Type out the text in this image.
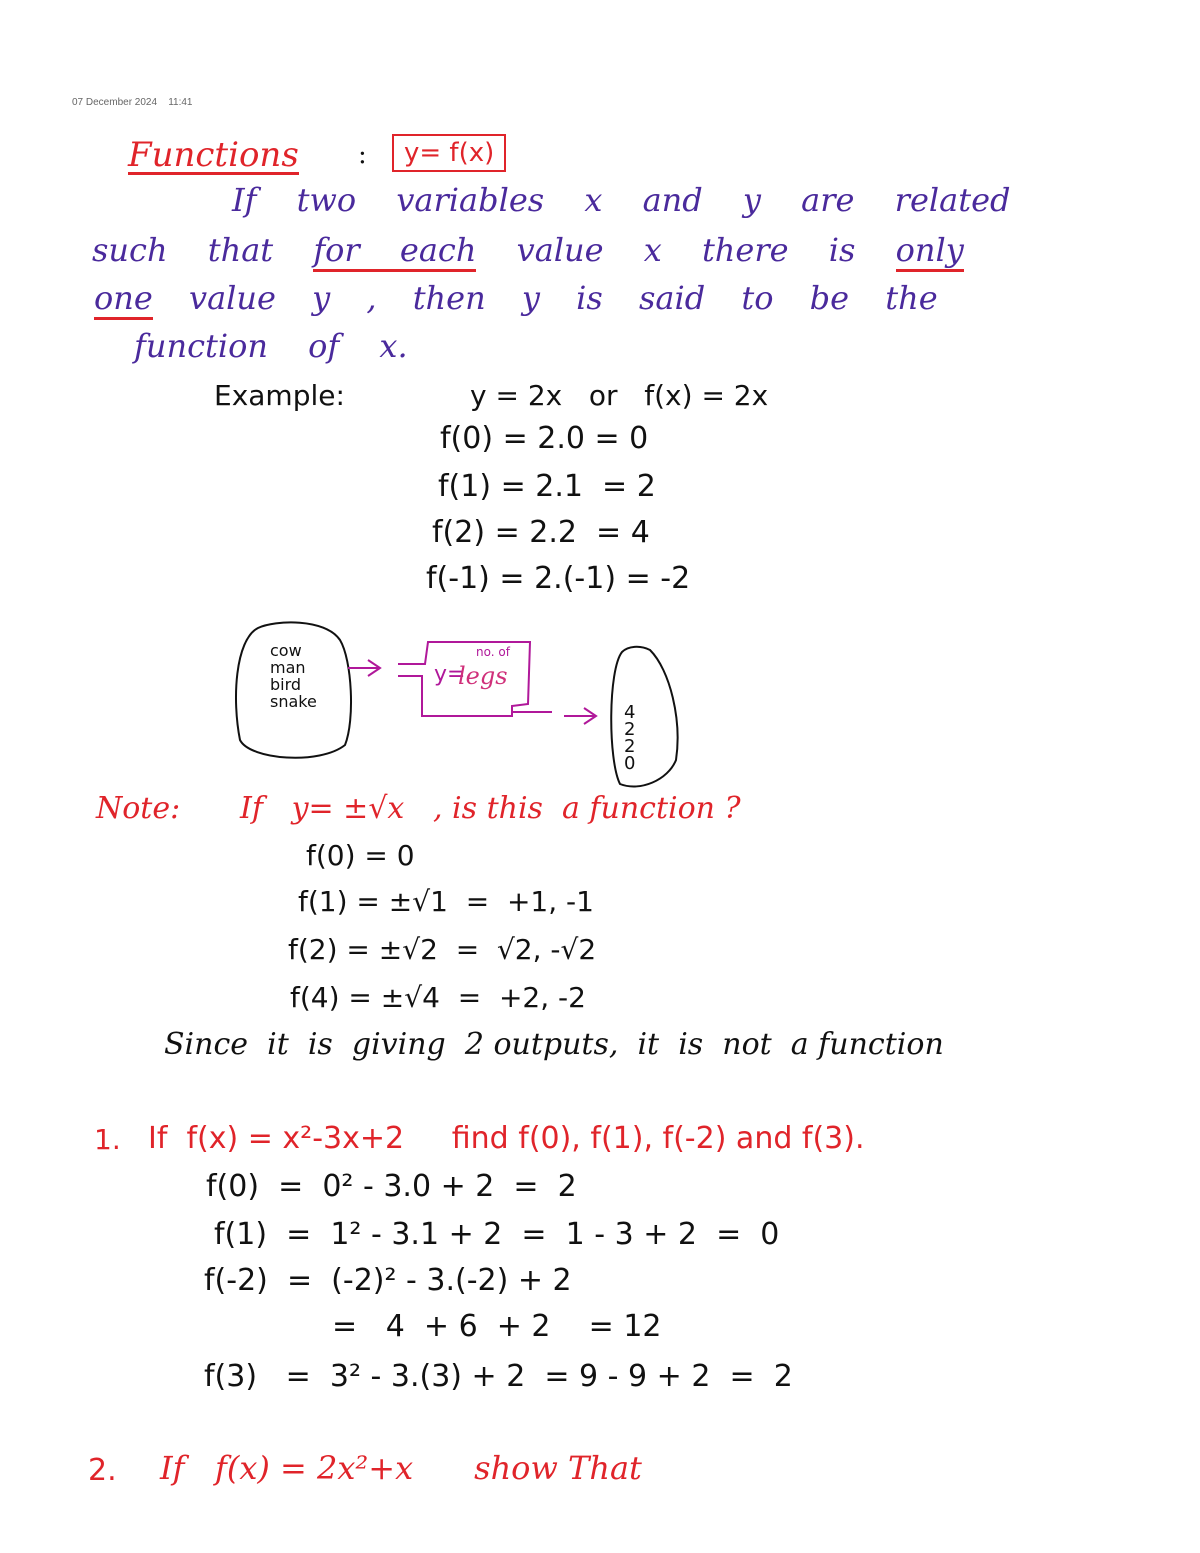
07 December 2024 11:41
Functions :	y= f(x)
If two variables x and y are related
such that for each value x there is only
one value y , then y is said to be the
function of x.
Example:	y = 2x   or   f(x) = 2x
f(0) = 2.0 = 0
f(1) = 2.1  = 2
f(2) = 2.2  = 4
f(-1) = 2.(-1) = -2
cow
man
bird
snake
no. of
y=
legs
4
2
2
0
Note: If   y= ±√x   , is this  a function ?
f(0) = 0
f(1) = ±√1  =  +1, -1
f(2) = ±√2  =  √2, -√2
f(4) = ±√4  =  +2, -2
Since  it  is  giving  2 outputs,  it  is  not  a function
1. If  f(x) = x²-3x+2     find f(0), f(1), f(-2) and f(3).
f(0)  =  0² - 3.0 + 2  =  2
f(1)  =  1² - 3.1 + 2  =  1 - 3 + 2  =  0
f(-2)  =  (-2)² - 3.(-2) + 2
=   4  + 6  + 2    = 12
f(3)   =  3² - 3.(3) + 2  = 9 - 9 + 2  =  2
2. If   f(x) = 2x²+x      show That
